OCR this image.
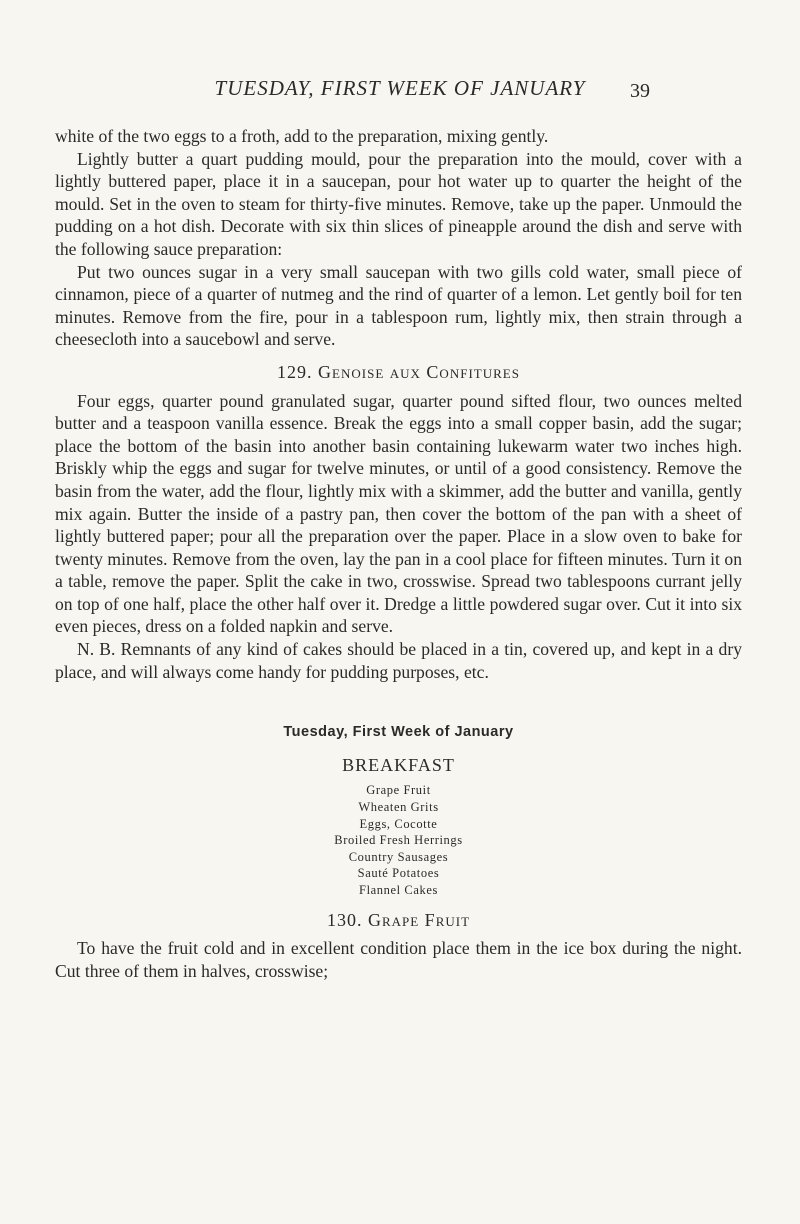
TUESDAY, FIRST WEEK OF JANUARY	39

white of the two eggs to a froth, add to the preparation, mixing gently.

Lightly butter a quart pudding mould, pour the preparation into the mould, cover with a lightly buttered paper, place it in a saucepan, pour hot water up to quarter the height of the mould. Set in the oven to steam for thirty-five minutes. Remove, take up the paper. Unmould the pudding on a hot dish. Decorate with six thin slices of pineapple around the dish and serve with the following sauce preparation:

Put two ounces sugar in a very small saucepan with two gills cold water, small piece of cinnamon, piece of a quarter of nutmeg and the rind of quarter of a lemon. Let gently boil for ten minutes. Remove from the fire, pour in a tablespoon rum, lightly mix, then strain through a cheesecloth into a saucebowl and serve.

129. Genoise aux Confitures

Four eggs, quarter pound granulated sugar, quarter pound sifted flour, two ounces melted butter and a teaspoon vanilla essence. Break the eggs into a small copper basin, add the sugar; place the bottom of the basin into another basin containing lukewarm water two inches high. Briskly whip the eggs and sugar for twelve minutes, or until of a good consistency. Remove the basin from the water, add the flour, lightly mix with a skimmer, add the butter and vanilla, gently mix again. Butter the inside of a pastry pan, then cover the bottom of the pan with a sheet of lightly buttered paper; pour all the preparation over the paper. Place in a slow oven to bake for twenty minutes. Remove from the oven, lay the pan in a cool place for fifteen minutes. Turn it on a table, remove the paper. Split the cake in two, crosswise. Spread two tablespoons currant jelly on top of one half, place the other half over it. Dredge a little powdered sugar over. Cut it into six even pieces, dress on a folded napkin and serve.

N. B. Remnants of any kind of cakes should be placed in a tin, covered up, and kept in a dry place, and will always come handy for pudding purposes, etc.

Tuesday, First Week of January
BREAKFAST
Grape Fruit
Wheaten Grits
Eggs, Cocotte
Broiled Fresh Herrings
Country Sausages
Sauté Potatoes
Flannel Cakes
130. Grape Fruit

To have the fruit cold and in excellent condition place them in the ice box during the night. Cut three of them in halves, crosswise;
